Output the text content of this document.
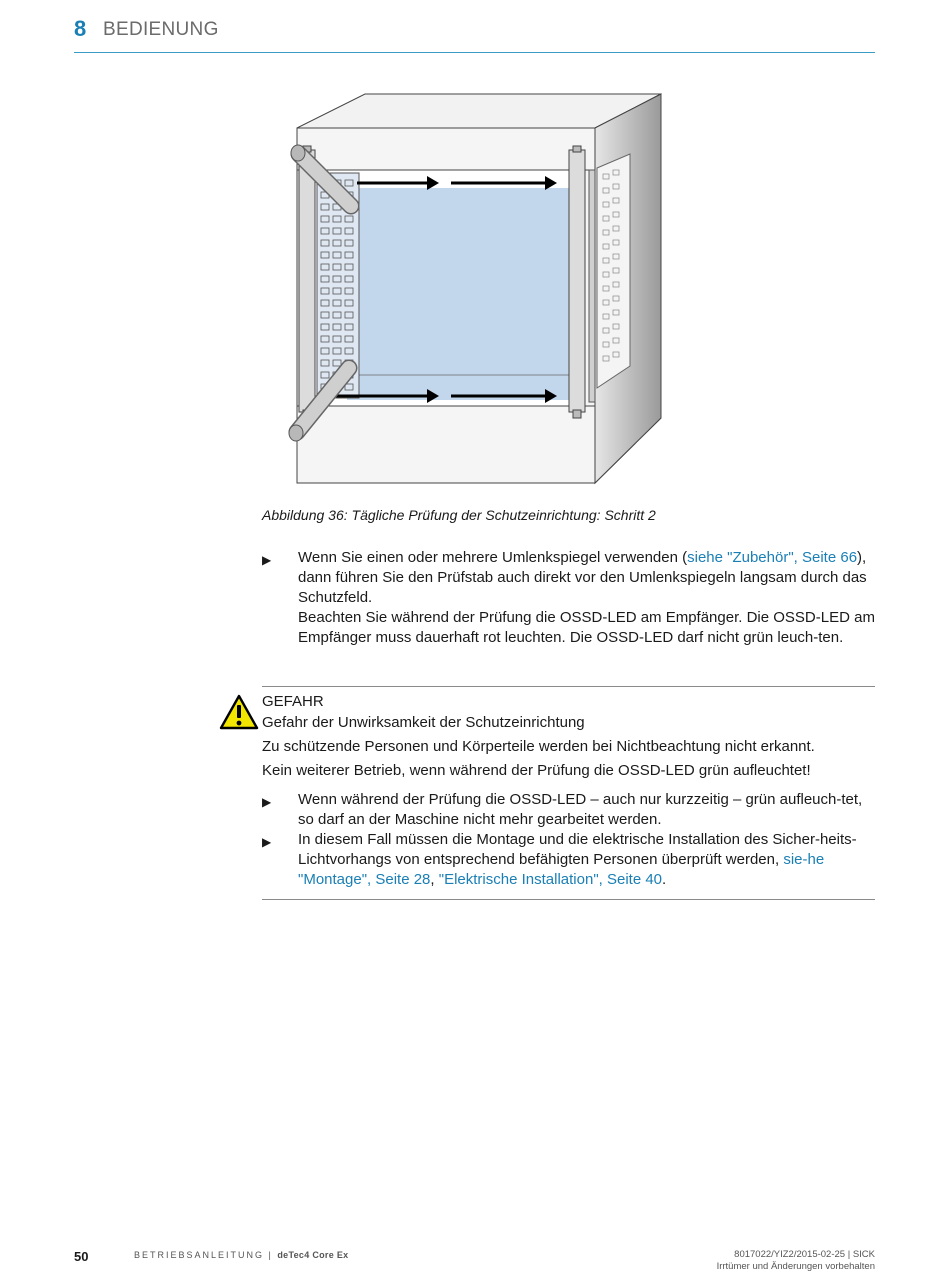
8 BEDIENUNG
Abbildung 36: Tägliche Prüfung der Schutzeinrichtung: Schritt 2
▶ Wenn Sie einen oder mehrere Umlenkspiegel verwenden (siehe "Zubehör", Seite 66), dann führen Sie den Prüfstab auch direkt vor den Umlenkspiegeln langsam durch das Schutzfeld.
Beachten Sie während der Prüfung die OSSD-LED am Empfänger. Die OSSD-LED am Empfänger muss dauerhaft rot leuchten. Die OSSD-LED darf nicht grün leuch-ten.
GEFAHR
Gefahr der Unwirksamkeit der Schutzeinrichtung
Zu schützende Personen und Körperteile werden bei Nichtbeachtung nicht erkannt.
Kein weiterer Betrieb, wenn während der Prüfung die OSSD-LED grün aufleuchtet!
▶ Wenn während der Prüfung die OSSD-LED – auch nur kurzzeitig – grün aufleuch-tet, so darf an der Maschine nicht mehr gearbeitet werden.
▶ In diesem Fall müssen die Montage und die elektrische Installation des Sicher-heits-Lichtvorhangs von entsprechend befähigten Personen überprüft werden, sie-he "Montage", Seite 28, "Elektrische Installation", Seite 40.
50	BETRIEBSANLEITUNG | deTec4 Core Ex	8017022/YIZ2/2015-02-25 | SICK
Irrtümer und Änderungen vorbehalten
